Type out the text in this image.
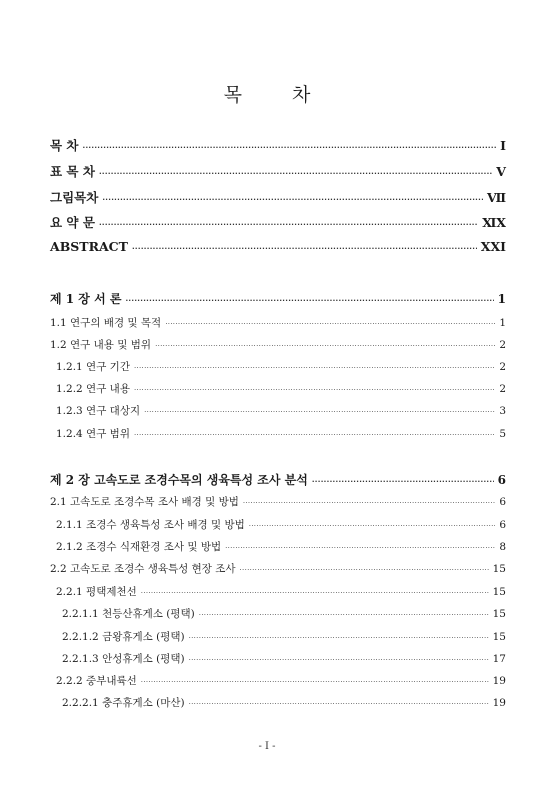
목 차
목 차 ·····	I
표 목 차 ·····	V
그림목차 ·····	Ⅶ
요 약 문 ·····	ⅪⅩ
ABSTRACT ·····	ⅩⅩⅠ
제 1 장 서 론 ·····	1
1.1 연구의 배경 및 목적 ·····	1
1.2 연구 내용 및 범위 ·····	2
1.2.1 연구 기간 ·····	2
1.2.2 연구 내용 ·····	2
1.2.3 연구 대상지 ·····	3
1.2.4 연구 범위 ·····	5
제 2 장 고속도로 조경수목의 생육특성 조사 분석 ·····	6
2.1 고속도로 조경수목 조사 배경 및 방법 ·····	6
2.1.1 조경수 생육특성 조사 배경 및 방법 ·····	6
2.1.2 조경수 식재환경 조사 및 방법 ·····	8
2.2 고속도로 조경수 생육특성 현장 조사 ·····	15
2.2.1 평택제천선 ·····	15
2.2.1.1 천등산휴게소 (평택) ·····	15
2.2.1.2 금왕휴게소 (평택) ·····	15
2.2.1.3 안성휴게소 (평택) ·····	17
2.2.2 중부내륙선 ·····	19
2.2.2.1 충주휴게소 (마산) ·····	19
- Ⅰ -
